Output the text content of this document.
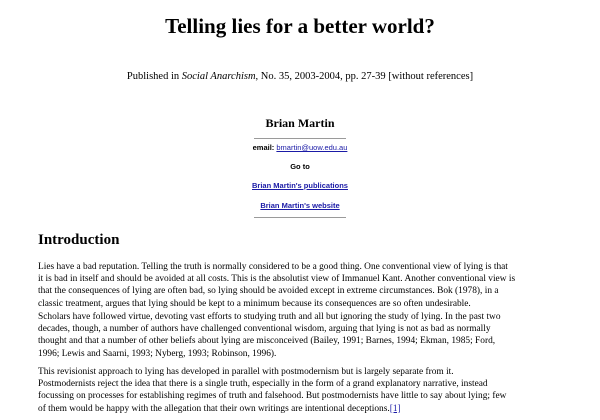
Telling lies for a better world?
Published in Social Anarchism, No. 35, 2003-2004, pp. 27-39 [without references]
Brian Martin
email: bmartin@uow.edu.au
Go to
Brian Martin's publications
Brian Martin's website
Introduction

Lies have a bad reputation. Telling the truth is normally considered to be a good thing. One conventional view of lying is that
it is bad in itself and should be avoided at all costs. This is the absolutist view of Immanuel Kant. Another conventional view is
that the consequences of lying are often bad, so lying should be avoided except in extreme circumstances. Bok (1978), in a
classic treatment, argues that lying should be kept to a minimum because its consequences are so often undesirable.

Scholars have followed virtue, devoting vast efforts to studying truth and all but ignoring the study of lying. In the past two
decades, though, a number of authors have challenged conventional wisdom, arguing that lying is not as bad as normally
thought and that a number of other beliefs about lying are misconceived (Bailey, 1991; Barnes, 1994; Ekman, 1985; Ford,
1996; Lewis and Saarni, 1993; Nyberg, 1993; Robinson, 1996).

This revisionist approach to lying has developed in parallel with postmodernism but is largely separate from it.
Postmodernists reject the idea that there is a single truth, especially in the form of a grand explanatory narrative, instead
focussing on processes for establishing regimes of truth and falsehood. But postmodernists have little to say about lying; few
of them would be happy with the allegation that their own writings are intentional deceptions.[1]
